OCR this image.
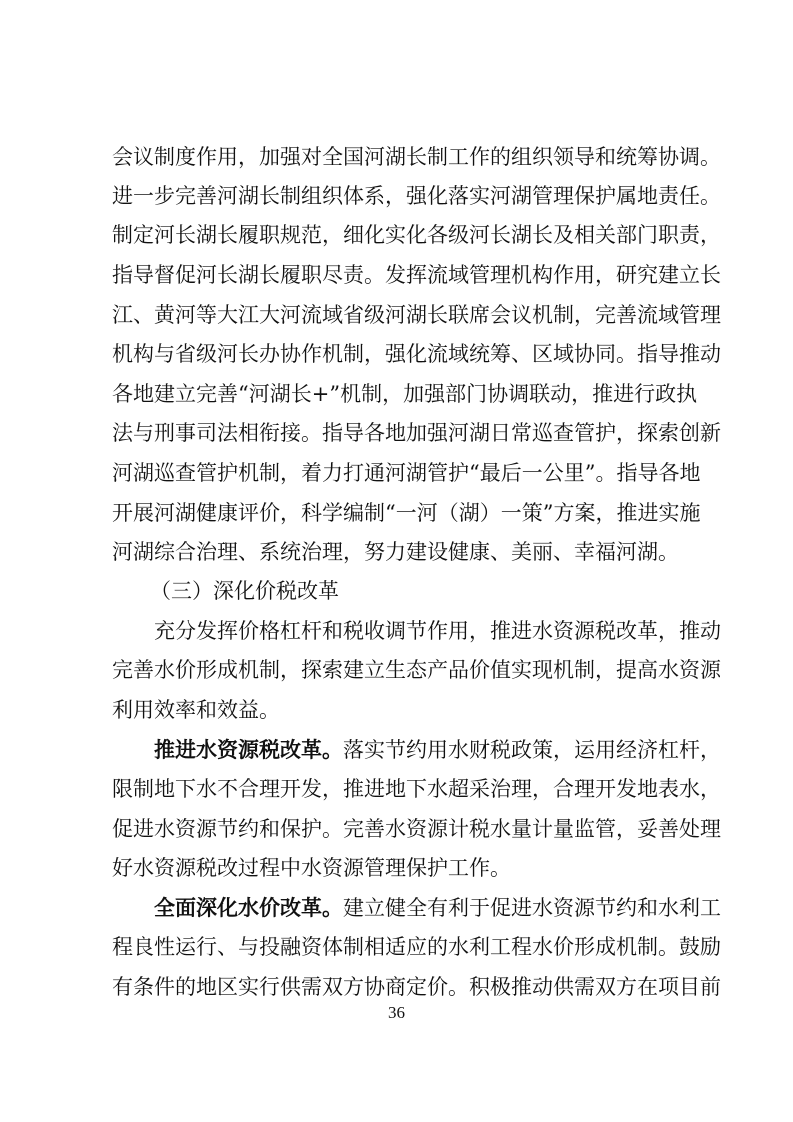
会议制度作用，加强对全国河湖长制工作的组织领导和统筹协调。
进一步完善河湖长制组织体系，强化落实河湖管理保护属地责任。
制定河长湖长履职规范，细化实化各级河长湖长及相关部门职责，
指导督促河长湖长履职尽责。发挥流域管理机构作用，研究建立长
江、黄河等大江大河流域省级河湖长联席会议机制，完善流域管理
机构与省级河长办协作机制，强化流域统筹、区域协同。指导推动
各地建立完善“河湖长+”机制，加强部门协调联动，推进行政执
法与刑事司法相衔接。指导各地加强河湖日常巡查管护，探索创新
河湖巡查管护机制，着力打通河湖管护“最后一公里”。指导各地
开展河湖健康评价，科学编制“一河（湖）一策”方案，推进实施
河湖综合治理、系统治理，努力建设健康、美丽、幸福河湖。
（三）深化价税改革
充分发挥价格杠杆和税收调节作用，推进水资源税改革，推动
完善水价形成机制，探索建立生态产品价值实现机制，提高水资源
利用效率和效益。
推进水资源税改革。落实节约用水财税政策，运用经济杠杆，
限制地下水不合理开发，推进地下水超采治理，合理开发地表水，
促进水资源节约和保护。完善水资源计税水量计量监管，妥善处理
好水资源税改过程中水资源管理保护工作。
全面深化水价改革。建立健全有利于促进水资源节约和水利工
程良性运行、与投融资体制相适应的水利工程水价形成机制。鼓励
有条件的地区实行供需双方协商定价。积极推动供需双方在项目前
36
